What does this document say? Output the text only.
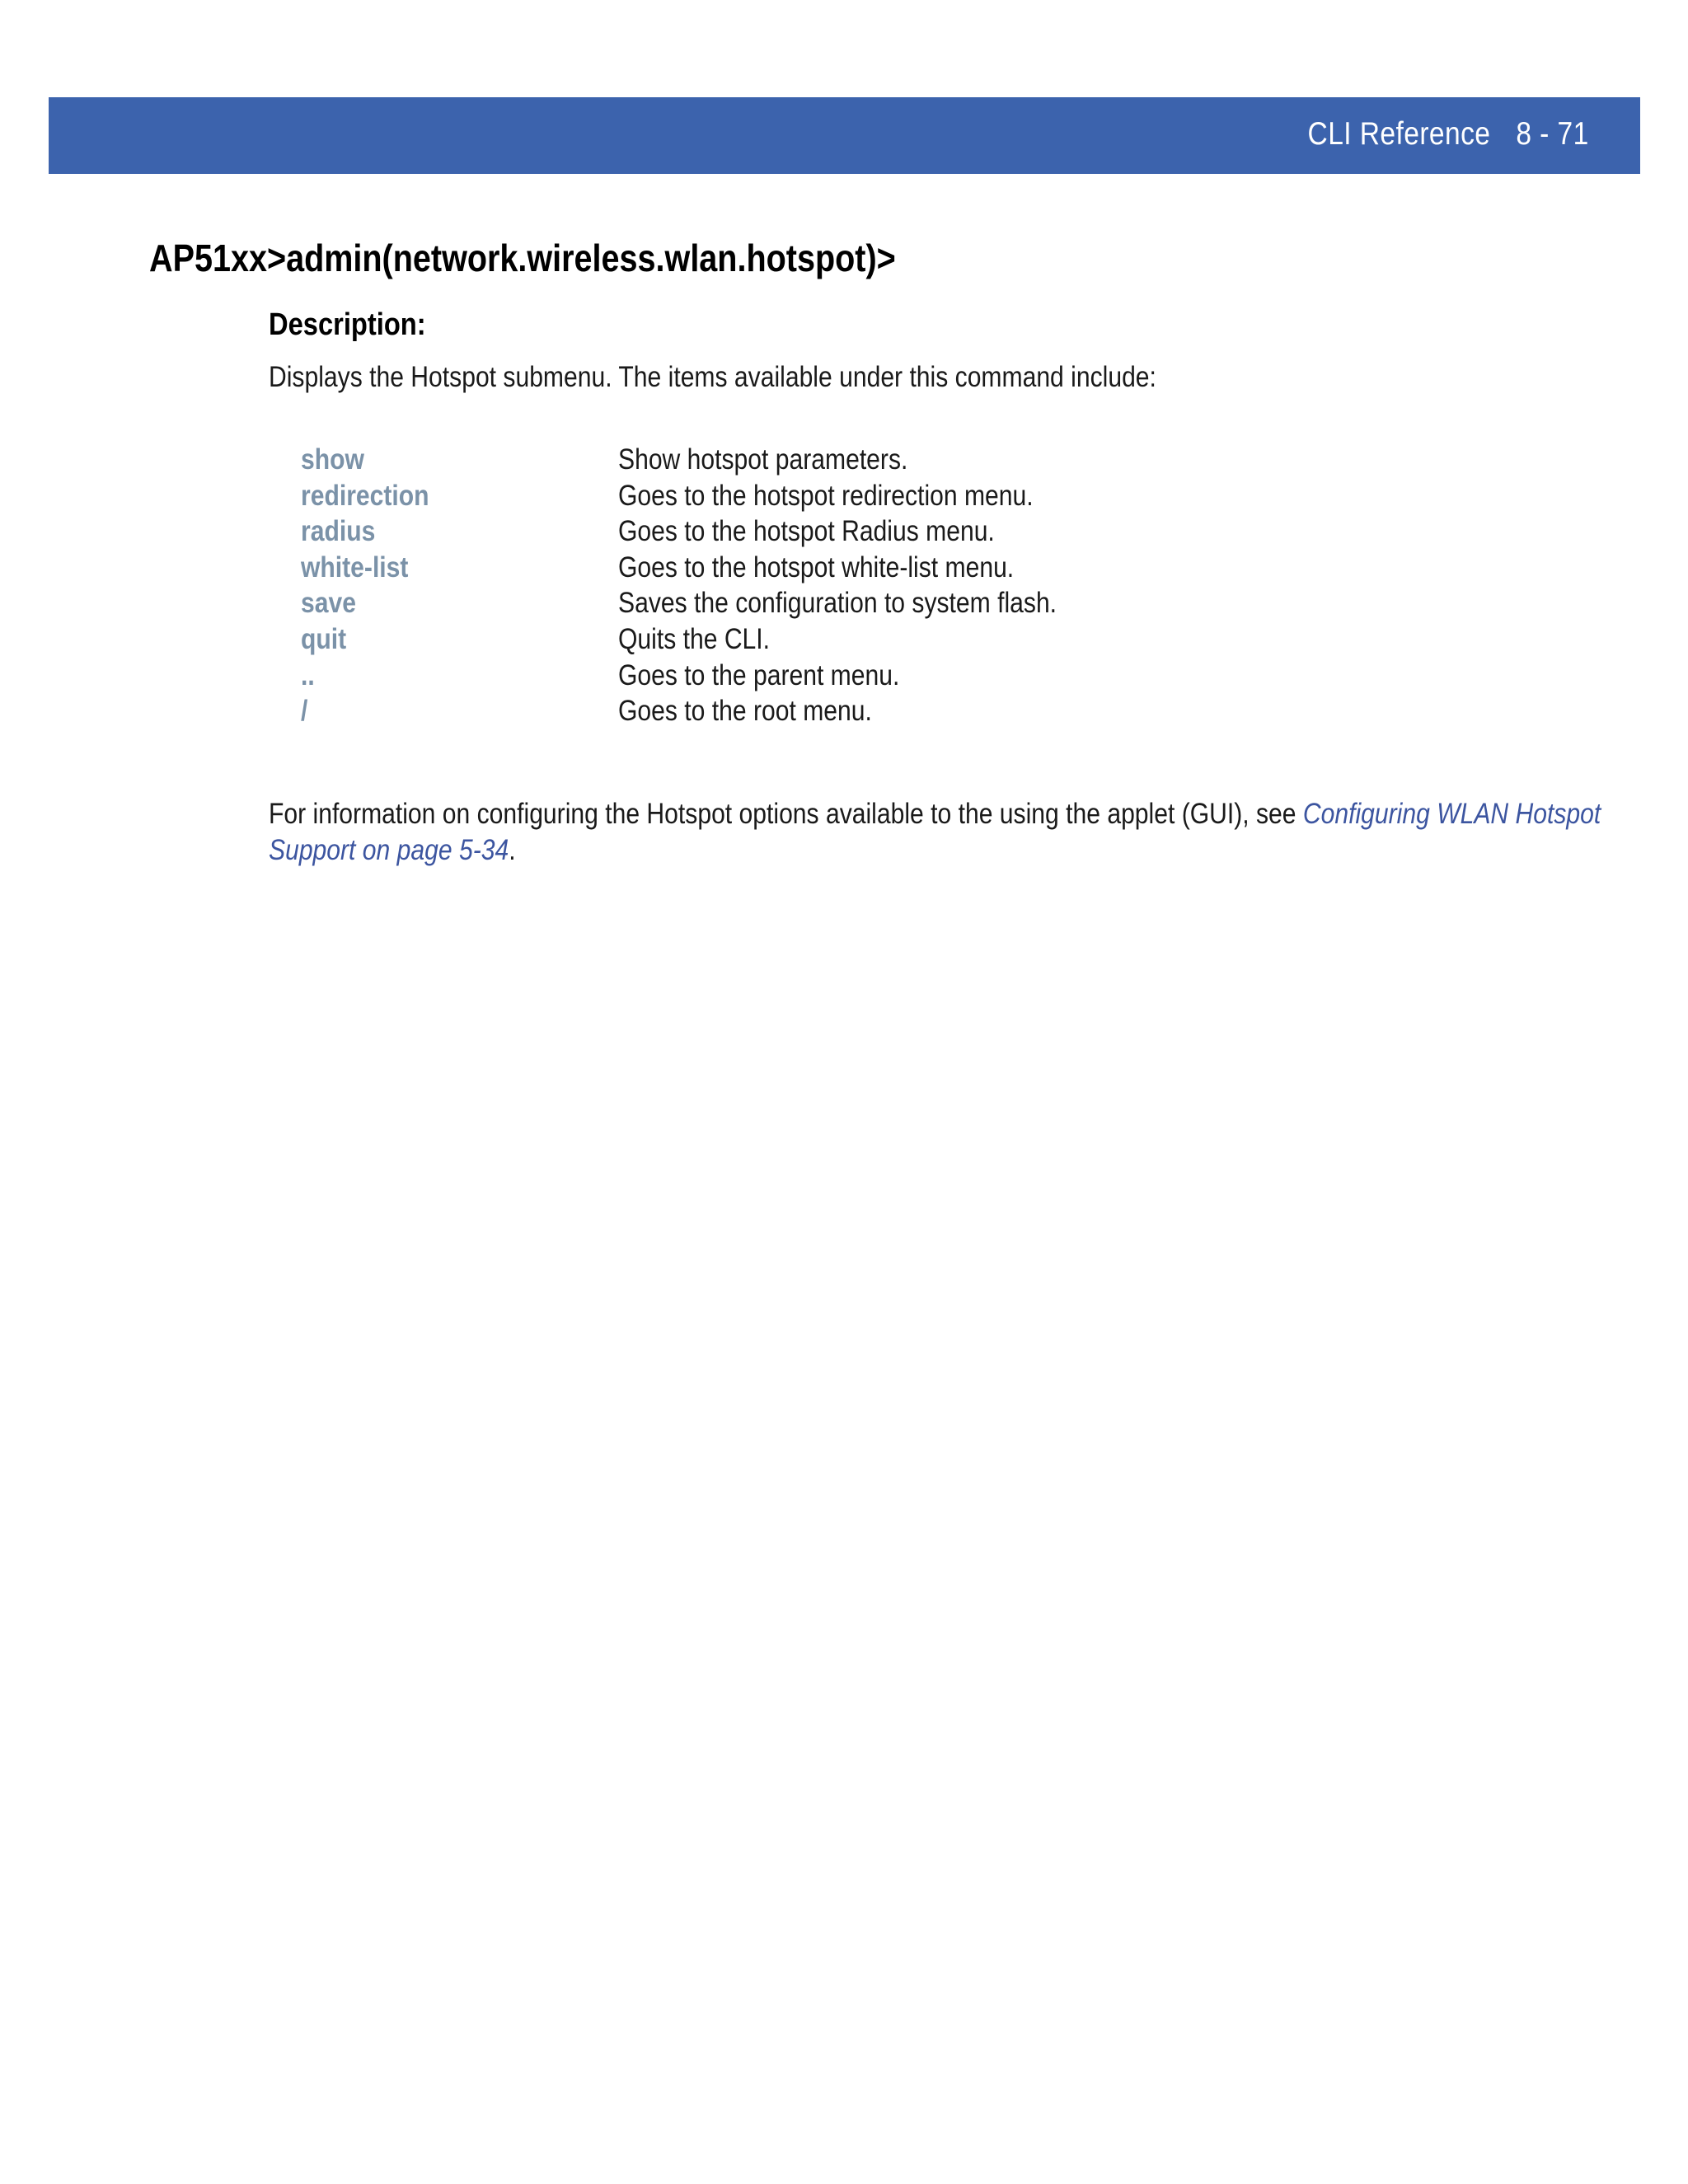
CLI Reference 8 - 71
AP51xx>admin(network.wireless.wlan.hotspot)>
Description:
Displays the Hotspot submenu. The items available under this command include:
show	Show hotspot parameters.
redirection	Goes to the hotspot redirection menu.
radius	Goes to the hotspot Radius menu.
white-list	Goes to the hotspot white-list menu.
save	Saves the configuration to system flash.
quit	Quits the CLI.
..	Goes to the parent menu.
/	Goes to the root menu.
For information on configuring the Hotspot options available to the using the applet (GUI), see Configuring WLAN Hotspot Support on page 5-34.
